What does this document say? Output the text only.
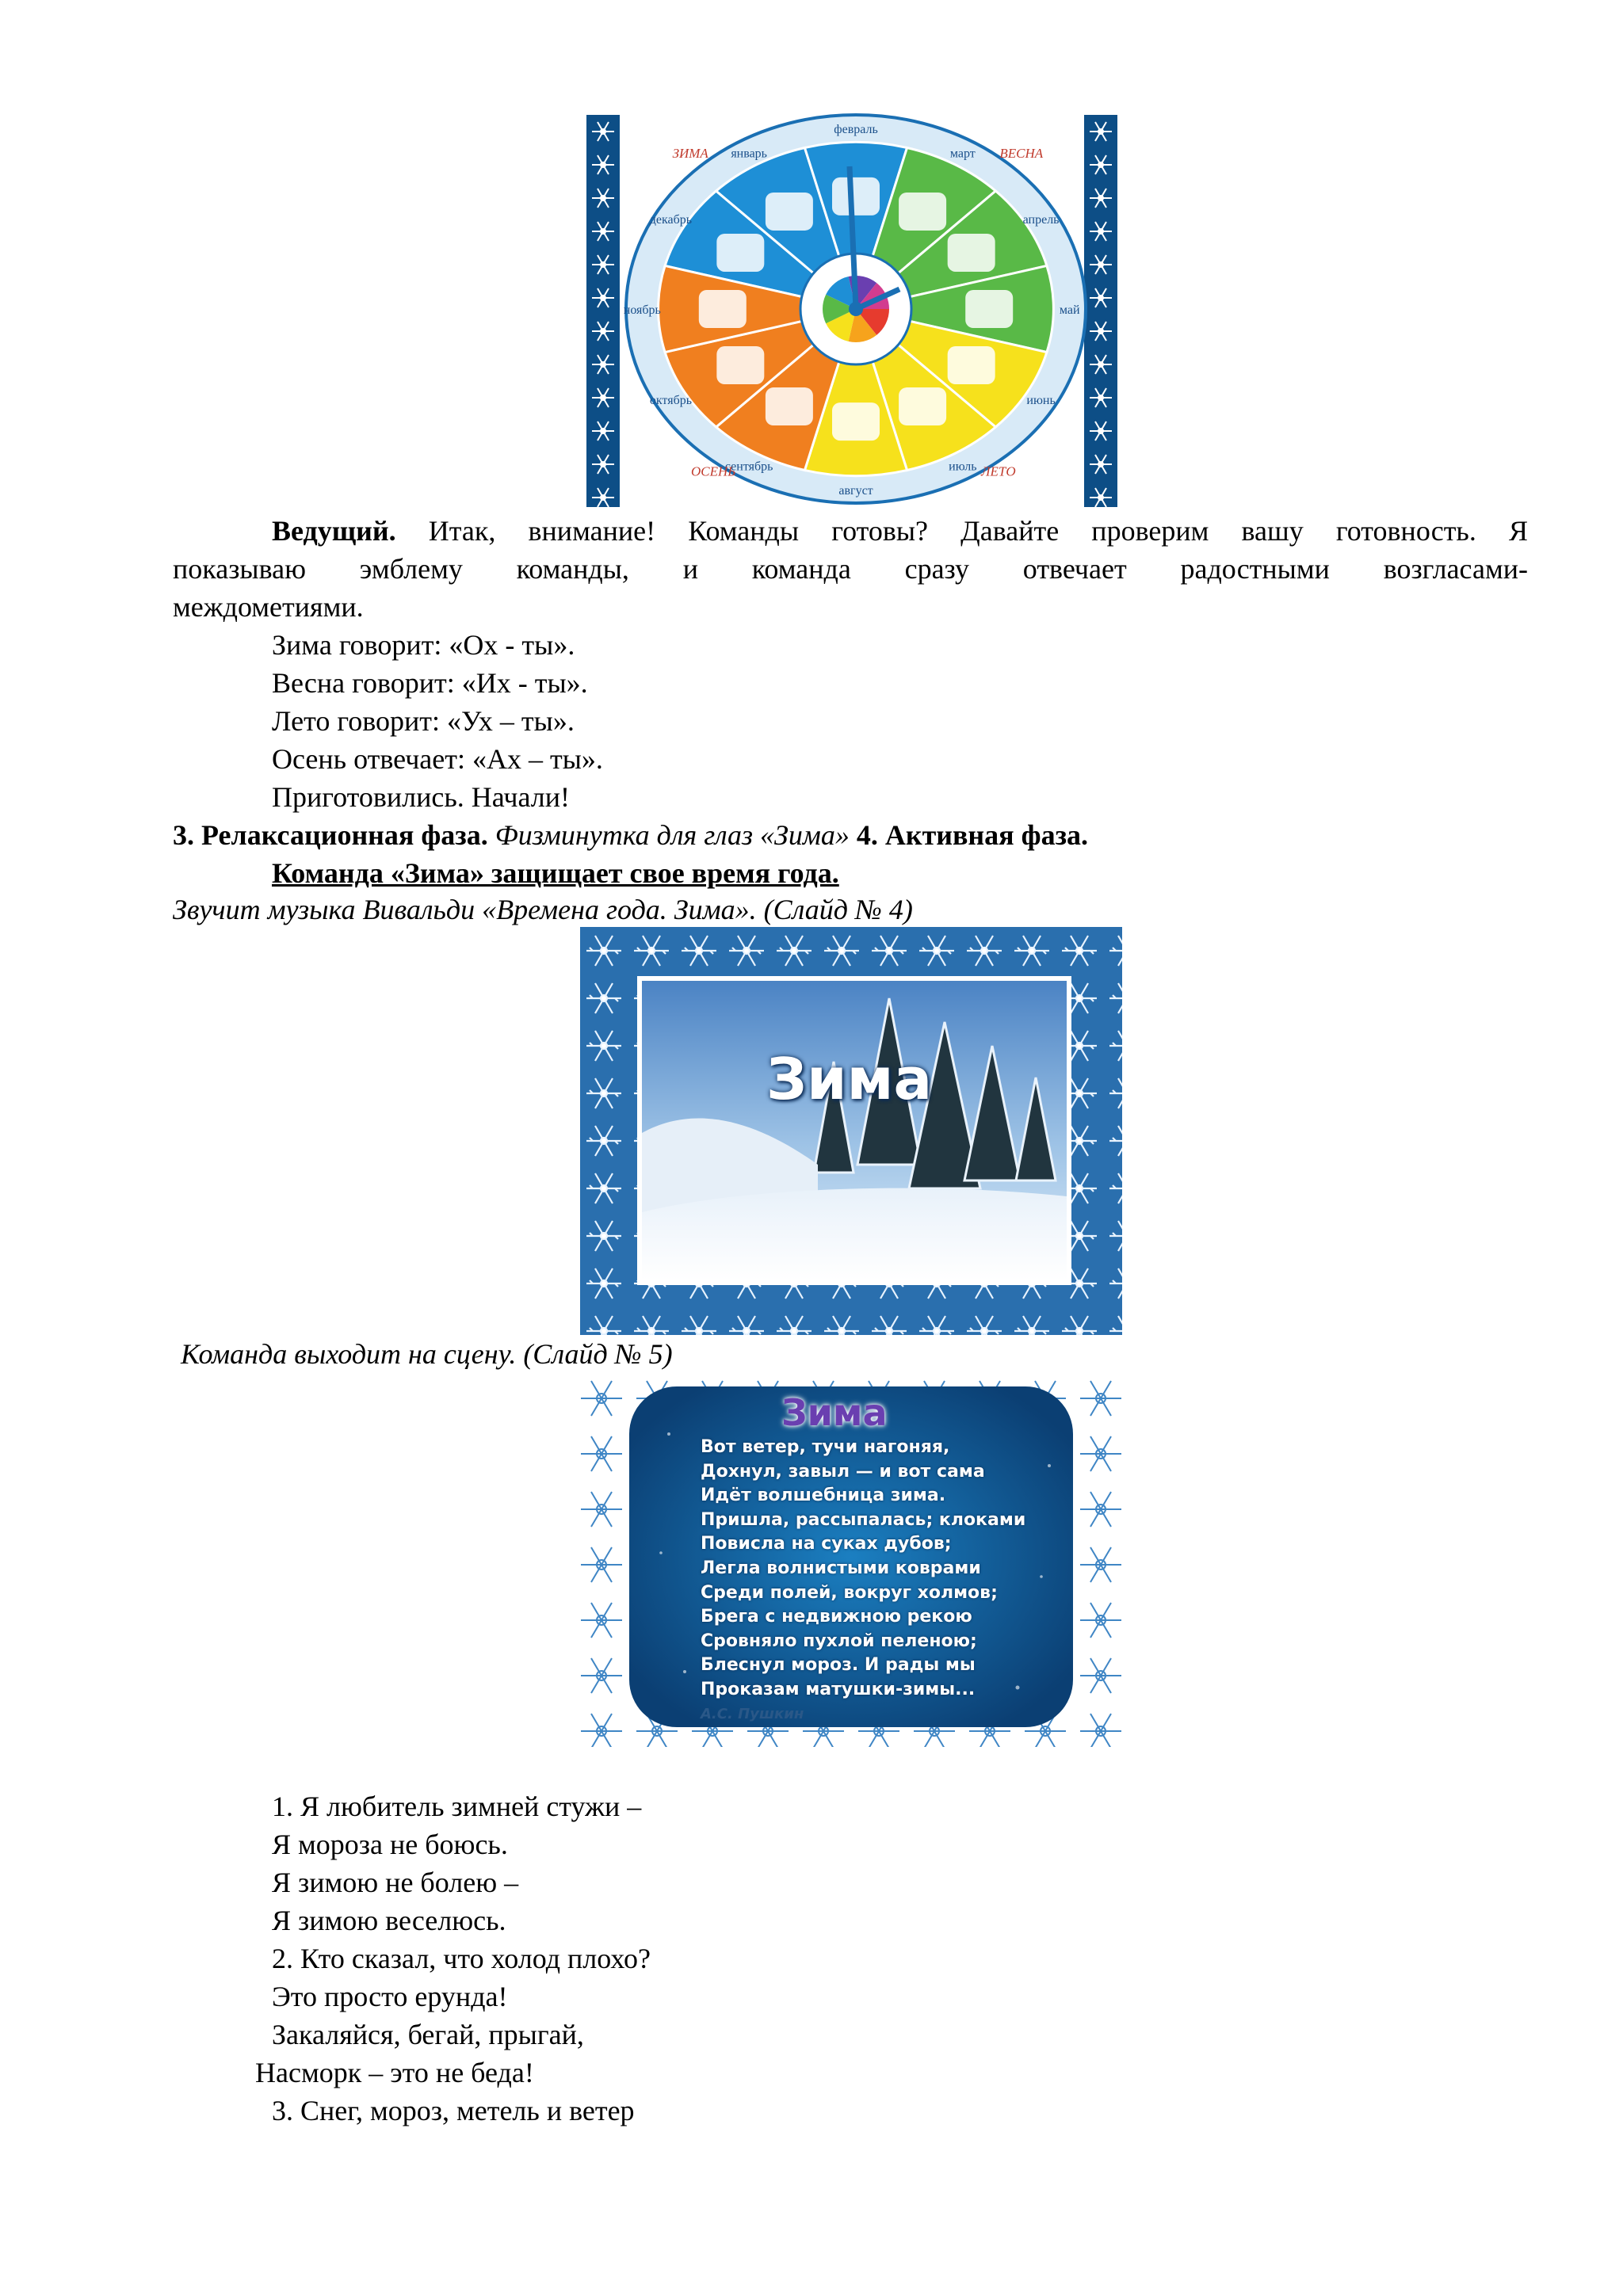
декабрь
январь
февраль
март
апрель
май
июнь
июль
август
сентябрь
октябрь
ноябрь
ЗИМА	ВЕСНА
ЛЕТО
ОСЕНЬ
Ведущий. Итак, внимание! Команды готовы? Давайте проверим вашу готовность. Я
показываю эмблему команды, и команда сразу отвечает радостными возгласами-
междометиями.
Зима говорит: «Ох - ты».
Весна говорит: «Их - ты».
Лето говорит: «Ух – ты».
Осень отвечает: «Ах – ты».
Приготовились. Начали!
3. Релаксационная фаза. Физминутка для глаз «Зима» 4. Активная фаза.
Команда «Зима» защищает свое время года.
Звучит музыка Вивальди «Времена года. Зима». (Слайд № 4)
Зима
Команда выходит на сцену. (Слайд № 5)
Зима
Вот ветер, тучи нагоняя,
Дохнул, завыл — и вот сама
Идёт волшебница зима.
Пришла, рассыпалась; клоками
Повисла на суках дубов;
Легла волнистыми коврами
Среди полей, вокруг холмов;
Брега с недвижною рекою
Сровняло пухлой пеленою;
Блеснул мороз. И рады мы
Проказам матушки-зимы...
А.С. Пушкин
1. Я любитель зимней стужи –
Я мороза не боюсь.
Я зимою не болею –
Я зимою веселюсь.
2. Кто сказал, что холод плохо?
Это просто ерунда!
Закаляйся, бегай, прыгай,
Насморк – это не беда!
3. Снег, мороз, метель и ветер
